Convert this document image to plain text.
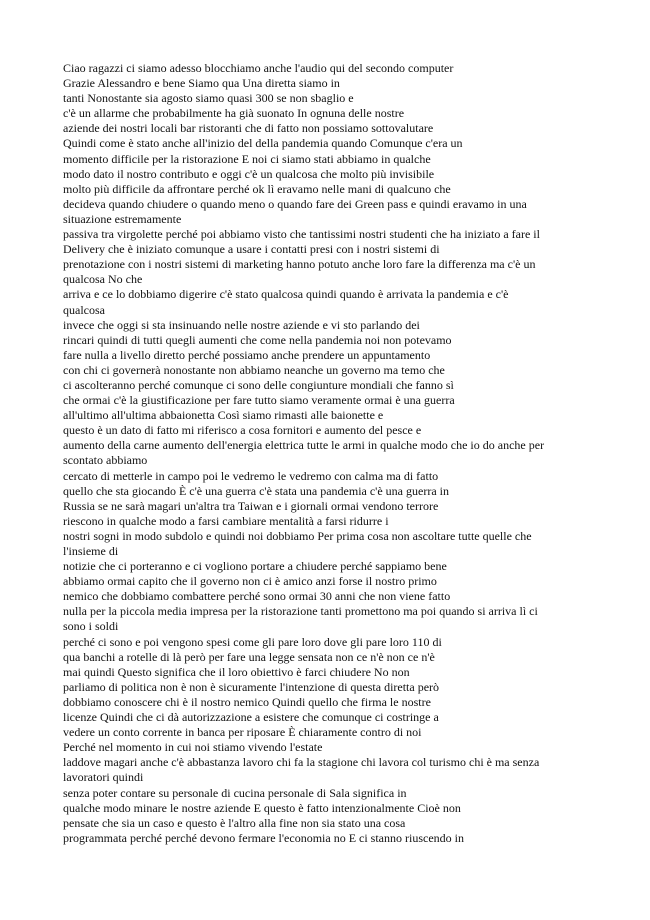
Ciao ragazzi ci siamo adesso blocchiamo anche l'audio qui del secondo computer
Grazie Alessandro e bene Siamo qua Una diretta siamo in
tanti Nonostante sia agosto siamo quasi 300 se non sbaglio e
c'è un allarme che probabilmente ha già suonato In ognuna delle nostre
aziende dei nostri locali bar ristoranti che di fatto non possiamo sottovalutare
Quindi come è stato anche all'inizio del della pandemia quando Comunque c'era un
momento difficile per la ristorazione E noi ci siamo stati abbiamo in qualche
modo dato il nostro contributo e oggi c'è un qualcosa che molto più invisibile
molto più difficile da affrontare perché ok lì eravamo nelle mani di qualcuno che
decideva quando chiudere o quando meno o quando fare dei Green pass e quindi eravamo in una
situazione estremamente
passiva tra virgolette perché poi abbiamo visto che tantissimi nostri studenti che ha iniziato a fare il
Delivery che è iniziato comunque a usare i contatti presi con i nostri sistemi di
prenotazione con i nostri sistemi di marketing hanno potuto anche loro fare la differenza ma c'è un
qualcosa No che
arriva e ce lo dobbiamo digerire c'è stato qualcosa quindi quando è arrivata la pandemia e c'è
qualcosa
invece che oggi si sta insinuando nelle nostre aziende e vi sto parlando dei
rincari quindi di tutti quegli aumenti che come nella pandemia noi non potevamo
fare nulla a livello diretto perché possiamo anche prendere un appuntamento
con chi ci governerà nonostante non abbiamo neanche un governo ma temo che
ci ascolteranno perché comunque ci sono delle congiunture mondiali che fanno sì
che ormai c'è la giustificazione per fare tutto siamo veramente ormai è una guerra
all'ultimo all'ultima abbaionetta Così siamo rimasti alle baionette e
questo è un dato di fatto mi riferisco a cosa fornitori e aumento del pesce e
aumento della carne aumento dell'energia elettrica tutte le armi in qualche modo che io do anche per
scontato abbiamo
cercato di metterle in campo poi le vedremo le vedremo con calma ma di fatto
quello che sta giocando È c'è una guerra c'è stata una pandemia c'è una guerra in
Russia se ne sarà magari un'altra tra Taiwan e i giornali ormai vendono terrore
riescono in qualche modo a farsi cambiare mentalità a farsi ridurre i
nostri sogni in modo subdolo e quindi noi dobbiamo Per prima cosa non ascoltare tutte quelle che
l'insieme di
notizie che ci porteranno e ci vogliono portare a chiudere perché sappiamo bene
abbiamo ormai capito che il governo non ci è amico anzi forse il nostro primo
nemico che dobbiamo combattere perché sono ormai 30 anni che non viene fatto
nulla per la piccola media impresa per la ristorazione tanti promettono ma poi quando si arriva lì ci
sono i soldi
perché ci sono e poi vengono spesi come gli pare loro dove gli pare loro 110 di
qua banchi a rotelle di là però per fare una legge sensata non ce n'è non ce n'è
mai quindi Questo significa che il loro obiettivo è farci chiudere No non
parliamo di politica non è non è sicuramente l'intenzione di questa diretta però
dobbiamo conoscere chi è il nostro nemico Quindi quello che firma le nostre
licenze Quindi che ci dà autorizzazione a esistere che comunque ci costringe a
vedere un conto corrente in banca per riposare È chiaramente contro di noi
Perché nel momento in cui noi stiamo vivendo l'estate
laddove magari anche c'è abbastanza lavoro chi fa la stagione chi lavora col turismo chi è ma senza
lavoratori quindi
senza poter contare su personale di cucina personale di Sala significa in
qualche modo minare le nostre aziende E questo è fatto intenzionalmente Cioè non
pensate che sia un caso e questo è l'altro alla fine non sia stato una cosa
programmata perché perché devono fermare l'economia no E ci stanno riuscendo in
